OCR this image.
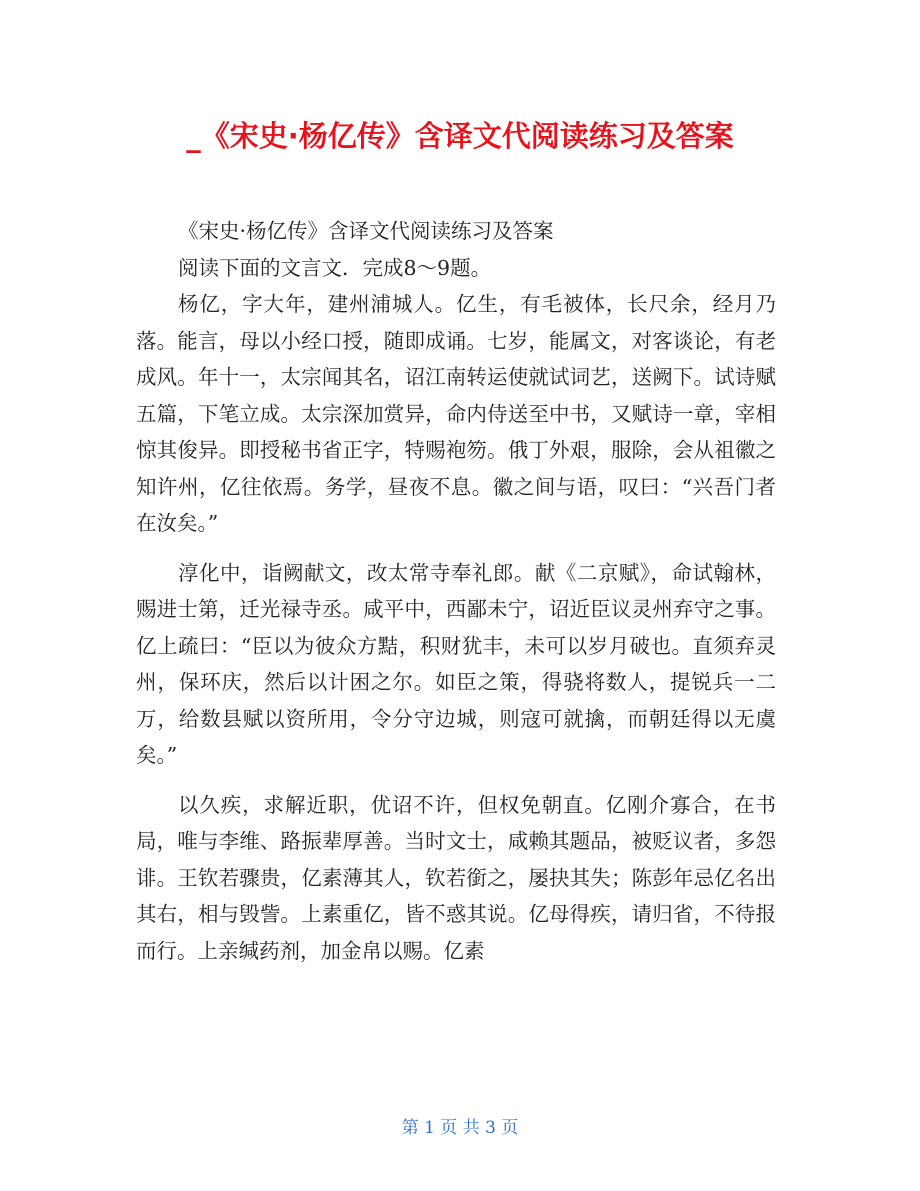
_《宋史·杨亿传》含译文代阅读练习及答案

《宋史·杨亿传》含译文代阅读练习及答案

阅读下面的文言文．完成8～9题。

杨亿，字大年，建州浦城人。亿生，有毛被体，长尺余，经月乃落。能言，母以小经口授，随即成诵。七岁，能属文，对客谈论，有老成风。年十一，太宗闻其名，诏江南转运使就试词艺，送阙下。试诗赋五篇，下笔立成。太宗深加赏异，命内侍送至中书，又赋诗一章，宰相惊其俊异。即授秘书省正字，特赐袍笏。俄丁外艰，服除，会从祖徽之知许州，亿往依焉。务学，昼夜不息。徽之间与语，叹曰：“兴吾门者在汝矣。”

淳化中，诣阙献文，改太常寺奉礼郎。献《二京赋》，命试翰林，赐进士第，迁光禄寺丞。咸平中，西鄙未宁，诏近臣议灵州弃守之事。亿上疏曰：“臣以为彼众方黠，积财犹丰，未可以岁月破也。直须弃灵州，保环庆，然后以计困之尔。如臣之策，得骁将数人，提锐兵一二万，给数县赋以资所用，令分守边城，则寇可就擒，而朝廷得以无虞矣。”

以久疾，求解近职，优诏不许，但权免朝直。亿刚介寡合，在书局，唯与李维、路振辈厚善。当时文士，咸赖其题品，被贬议者，多怨诽。王钦若骤贵，亿素薄其人，钦若銜之，屡抉其失；陈彭年忌亿名出其右，相与毁訾。上素重亿，皆不惑其说。亿母得疾，请归省，不待报而行。上亲缄药剂，加金帛以赐。亿素

第 1 页 共 3 页
